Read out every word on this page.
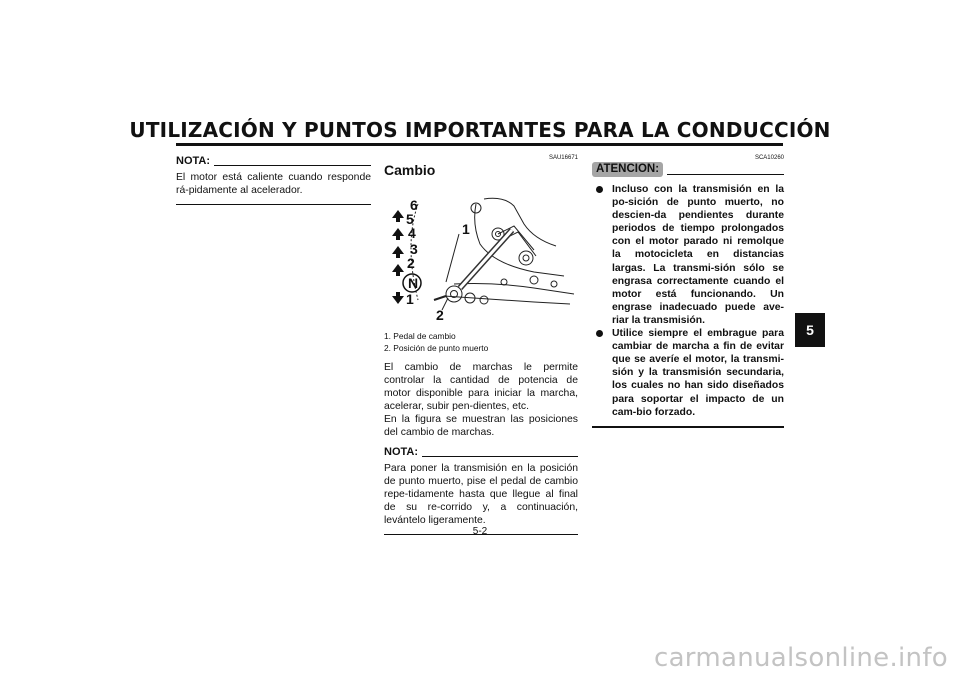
UTILIZACIÓN Y PUNTOS IMPORTANTES PARA LA CONDUCCIÓN
NOTA:

El motor está caliente cuando responde rá-pidamente al acelerador.

SAU16671

Cambio
6
5
4
3
2
N
1
1
2

1. Pedal de cambio

2. Posición de punto muerto

El cambio de marchas le permite controlar la cantidad de potencia de motor disponible para iniciar la marcha, acelerar, subir pen-dientes, etc.

En la figura se muestran las posiciones del cambio de marchas.

NOTA:

Para poner la transmisión en la posición de punto muerto, pise el pedal de cambio repe-tidamente hasta que llegue al final de su re-corrido y, a continuación, levántelo ligeramente.

SCA10260

ATENCION:
Incluso con la transmisión en la po-sición de punto muerto, no descien-da pendientes durante periodos de tiempo prolongados con el motor parado ni remolque la motocicleta en distancias largas. La transmi-sión sólo se engrasa correctamente cuando el motor está funcionando. Un engrase inadecuado puede ave-riar la transmisión.
Utilice siempre el embrague para cambiar de marcha a fin de evitar que se averíe el motor, la transmi-sión y la transmisión secundaria, los cuales no han sido diseñados para soportar el impacto de un cam-bio forzado.
5
5-2
carmanualsonline.info
